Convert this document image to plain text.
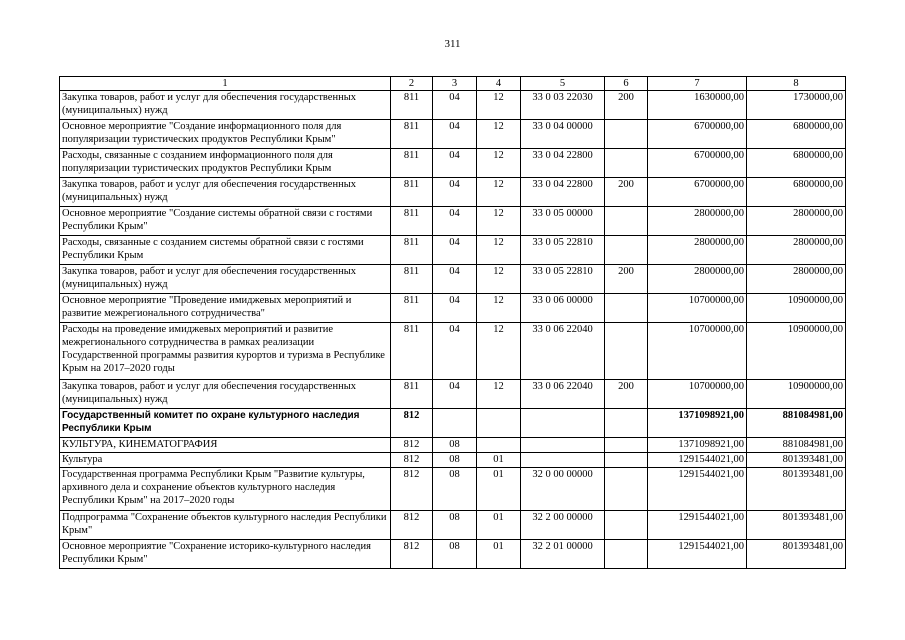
311
1	2	3	4	5	6	7	8
Закупка товаров, работ и услуг для обеспечения государственных (муниципальных) нужд	811	04	12	33 0 03 22030	200	1630000,00	1730000,00
Основное мероприятие "Создание информационного поля для популяризации туристических продуктов Республики Крым"	811	04	12	33 0 04 00000		6700000,00	6800000,00
Расходы, связанные с созданием информационного поля для популяризации туристических продуктов Республики Крым	811	04	12	33 0 04 22800		6700000,00	6800000,00
Закупка товаров, работ и услуг для обеспечения государственных (муниципальных) нужд	811	04	12	33 0 04 22800	200	6700000,00	6800000,00
Основное мероприятие "Создание системы обратной связи с гостями Республики Крым"	811	04	12	33 0 05 00000		2800000,00	2800000,00
Расходы, связанные с созданием системы обратной связи с гостями Республики Крым	811	04	12	33 0 05 22810		2800000,00	2800000,00
Закупка товаров, работ и услуг для обеспечения государственных (муниципальных) нужд	811	04	12	33 0 05 22810	200	2800000,00	2800000,00
Основное мероприятие "Проведение имиджевых мероприятий и развитие межрегионального сотрудничества"	811	04	12	33 0 06 00000		10700000,00	10900000,00
Расходы на проведение имиджевых мероприятий и развитие межрегионального сотрудничества в рамках реализации Государственной программы развития курортов и туризма в Республике Крым на 2017–2020 годы	811	04	12	33 0 06 22040		10700000,00	10900000,00
Закупка товаров, работ и услуг для обеспечения государственных (муниципальных) нужд	811	04	12	33 0 06 22040	200	10700000,00	10900000,00
Государственный комитет по охране культурного наследия Республики Крым	812					1371098921,00	881084981,00
КУЛЬТУРА, КИНЕМАТОГРАФИЯ	812	08				1371098921,00	881084981,00
Культура	812	08	01			1291544021,00	801393481,00
Государственная программа Республики Крым "Развитие культуры, архивного дела и сохранение объектов культурного наследия Республики Крым" на 2017–2020 годы	812	08	01	32 0 00 00000		1291544021,00	801393481,00
Подпрограмма "Сохранение объектов культурного наследия Республики Крым"	812	08	01	32 2 00 00000		1291544021,00	801393481,00
Основное мероприятие "Сохранение историко-культурного наследия Республики Крым"	812	08	01	32 2 01 00000		1291544021,00	801393481,00
